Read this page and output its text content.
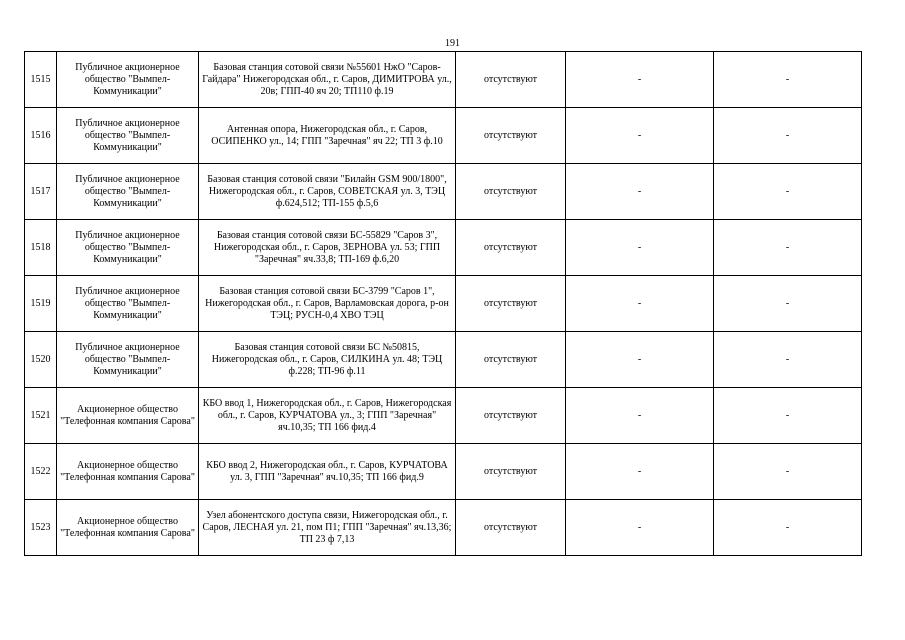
191
1515	Публичное акционерное общество "Вымпел-Коммуникации"	Базовая станция сотовой связи №55601 НжО "Саров-Гайдара" Нижегородская обл., г. Саров, ДИМИТРОВА ул., 20в; ГПП-40 яч 20; ТП110 ф.19	отсутствуют	-	-
1516	Публичное акционерное общество "Вымпел-Коммуникации"	Антенная опора, Нижегородская обл., г. Саров, ОСИПЕНКО ул., 14; ГПП "Заречная" яч 22; ТП 3 ф.10	отсутствуют	-	-
1517	Публичное акционерное общество "Вымпел-Коммуникации"	Базовая станция сотовой связи "Билайн GSM 900/1800", Нижегородская обл., г. Саров, СОВЕТСКАЯ ул. 3, ТЭЦ ф.624,512; ТП-155 ф.5,6	отсутствуют	-	-
1518	Публичное акционерное общество "Вымпел-Коммуникации"	Базовая станция сотовой связи БС-55829 "Саров 3", Нижегородская обл., г. Саров, ЗЕРНОВА ул. 53; ГПП "Заречная" яч.33,8; ТП-169 ф.6,20	отсутствуют	-	-
1519	Публичное акционерное общество "Вымпел-Коммуникации"	Базовая станция сотовой связи БС-3799 "Саров 1", Нижегородская обл., г. Саров, Варламовская дорога, р-он ТЭЦ; РУСН-0,4 ХВО ТЭЦ	отсутствуют	-	-
1520	Публичное акционерное общество "Вымпел-Коммуникации"	Базовая станция сотовой связи БС №50815, Нижегородская обл., г. Саров, СИЛКИНА ул. 48; ТЭЦ ф.228; ТП-96 ф.11	отсутствуют	-	-
1521	Акционерное общество "Телефонная компания Сарова"	КБО ввод 1, Нижегородская обл., г. Саров, Нижегородская обл., г. Саров, КУРЧАТОВА ул., 3; ГПП "Заречная" яч.10,35; ТП 166 фид.4	отсутствуют	-	-
1522	Акционерное общество "Телефонная компания Сарова"	КБО ввод 2, Нижегородская обл., г. Саров, КУРЧАТОВА ул. 3, ГПП "Заречная" яч.10,35; ТП 166 фид.9	отсутствуют	-	-
1523	Акционерное общество "Телефонная компания Сарова"	Узел абонентского доступа связи, Нижегородская обл., г. Саров, ЛЕСНАЯ ул. 21, пом П1; ГПП "Заречная" яч.13,36; ТП 23 ф 7,13	отсутствуют	-	-
